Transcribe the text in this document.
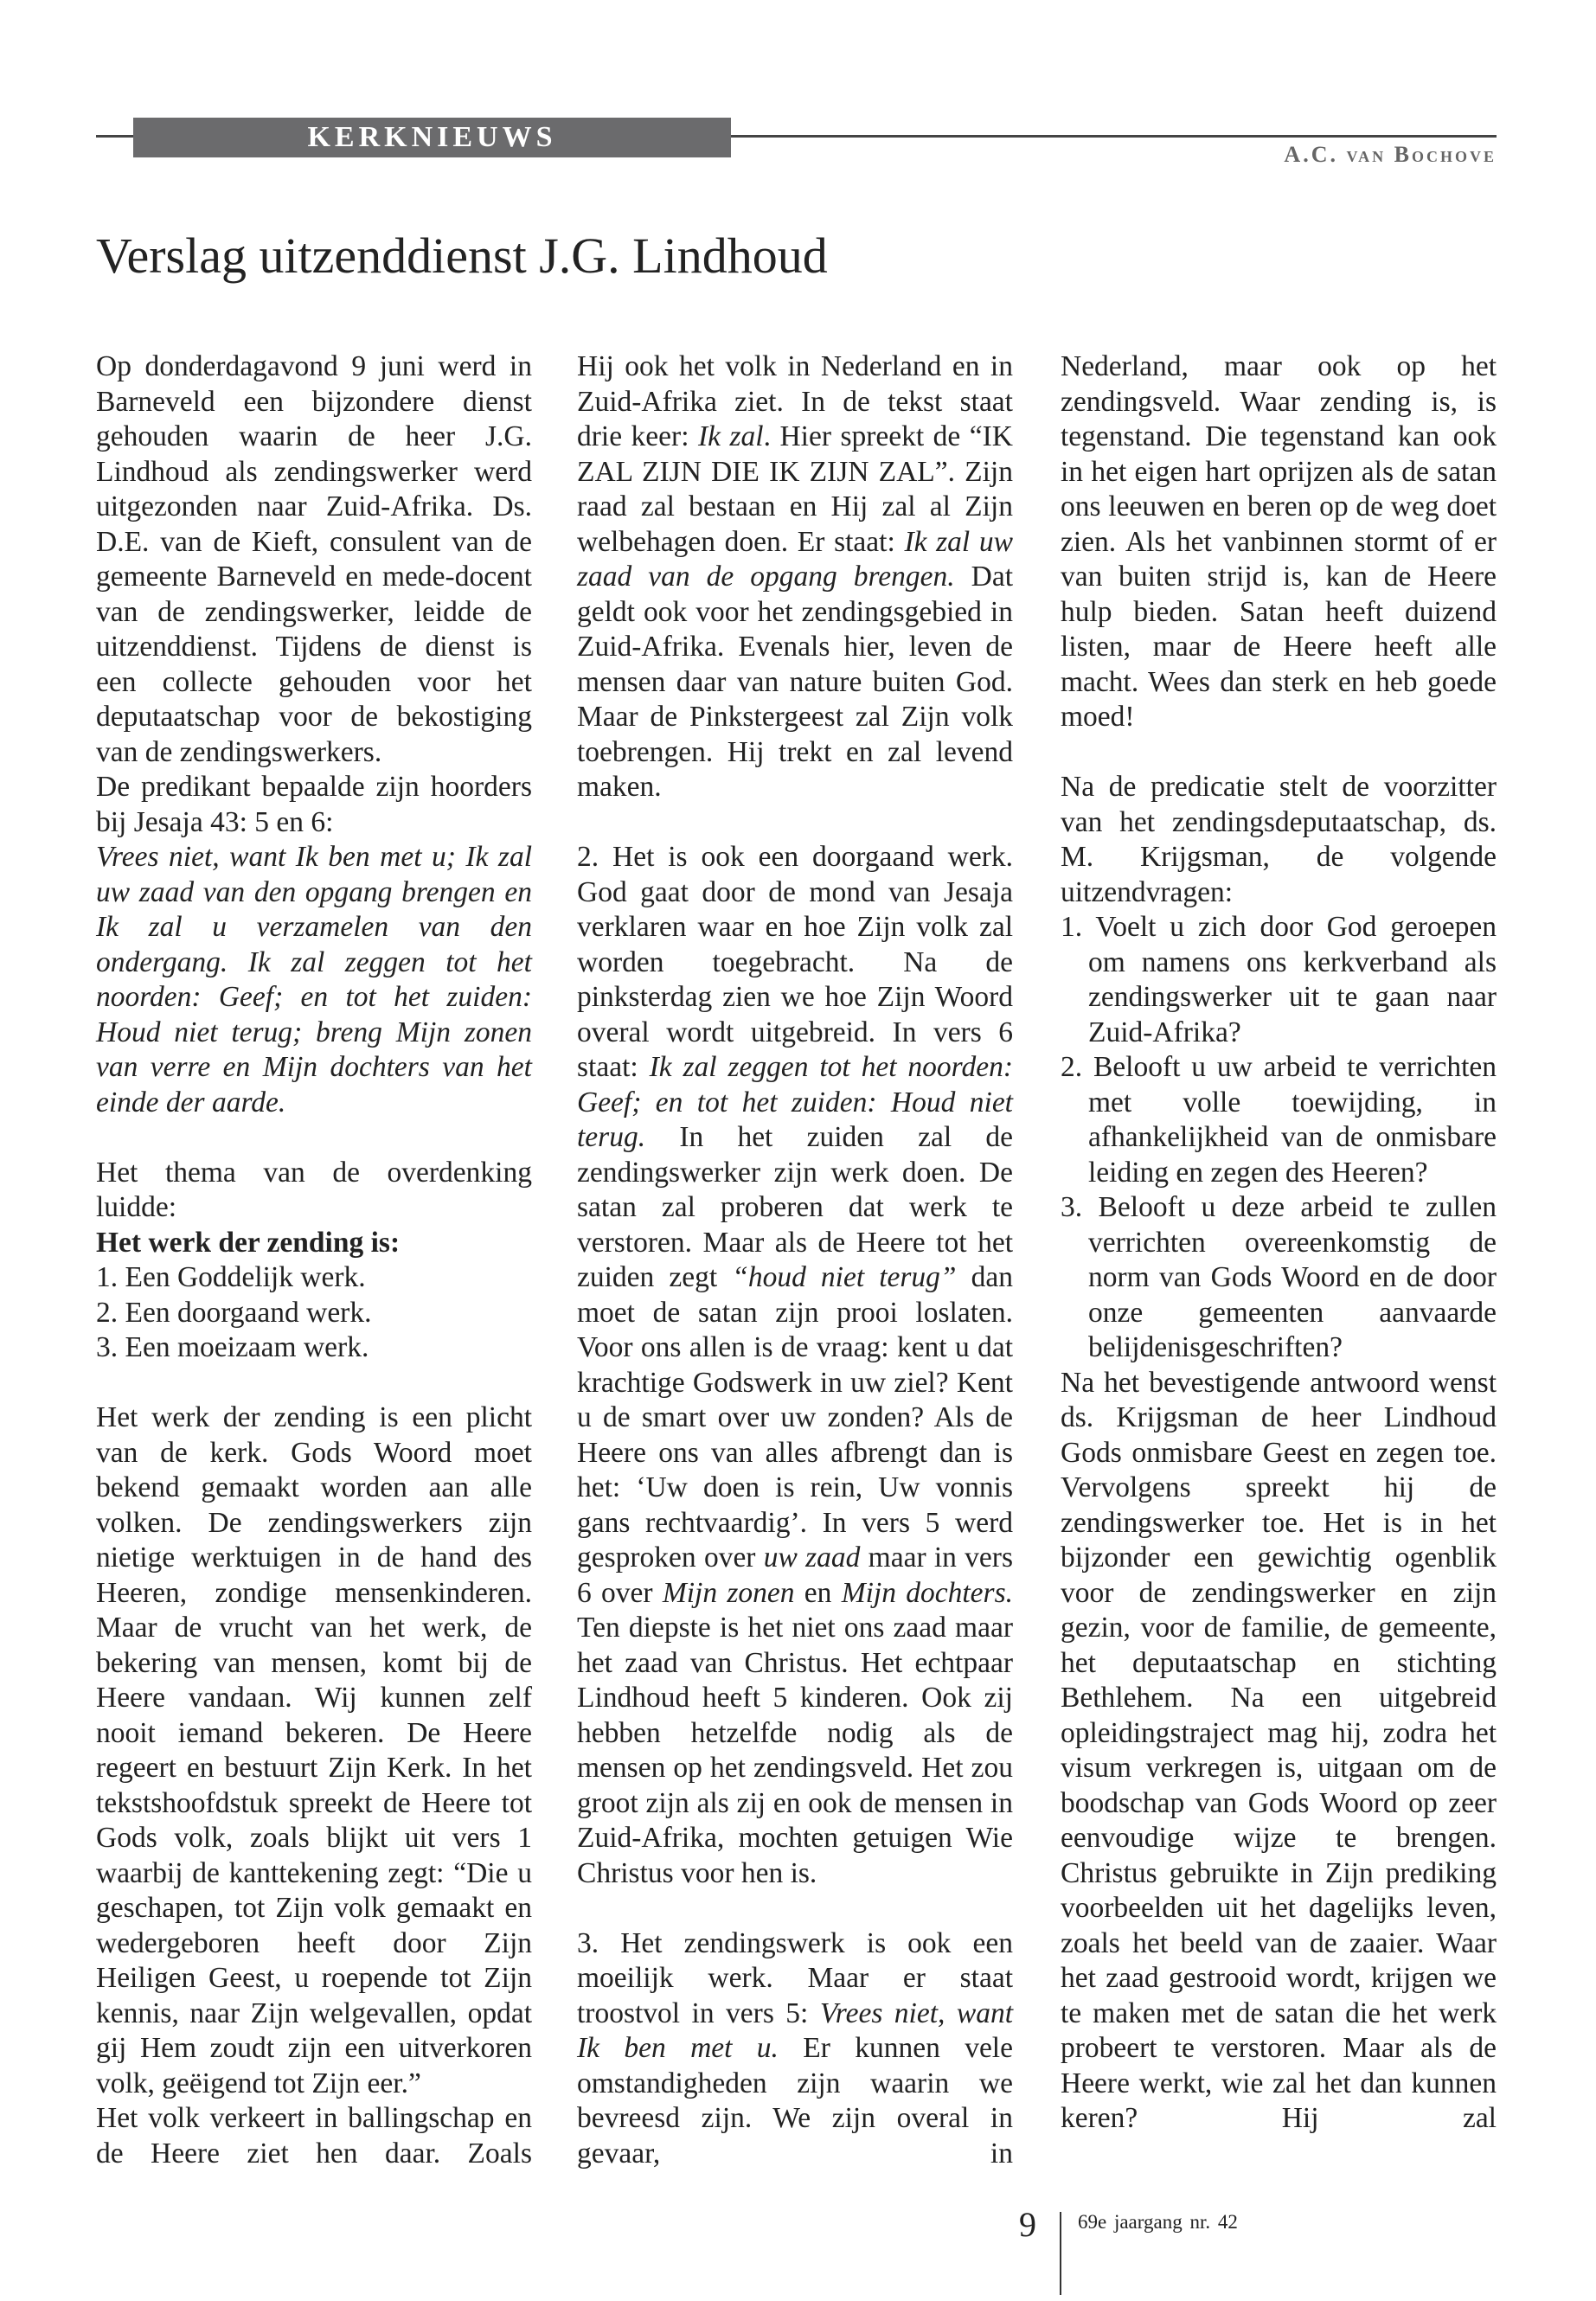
KERKNIEUWS
A.C. van Bochove
Verslag uitzenddienst J.G. Lindhoud

Op donderdagavond 9 juni werd in Barneveld een bijzondere dienst gehouden waarin de heer J.G. Lindhoud als zendingswerker werd uitgezonden naar Zuid-Afrika. Ds. D.E. van de Kieft, consulent van de gemeente Barneveld en mede-docent van de zendingswerker, leidde de uitzenddienst. Tijdens de dienst is een collecte gehouden voor het deputaatschap voor de bekostiging van de zendingswerkers.

De predikant bepaalde zijn hoorders bij Jesaja 43: 5 en 6:

Vrees niet, want Ik ben met u; Ik zal uw zaad van den opgang brengen en Ik zal u verzamelen van den ondergang. Ik zal zeggen tot het noorden: Geef; en tot het zuiden: Houd niet terug; breng Mijn zonen van verre en Mijn dochters van het einde der aarde.

Het thema van de overdenking luidde:

Het werk der zending is:

1. Een Goddelijk werk.

2. Een doorgaand werk.

3. Een moeizaam werk.

Het werk der zending is een plicht van de kerk. Gods Woord moet bekend gemaakt worden aan alle volken. De zendingswerkers zijn nietige werktuigen in de hand des Heeren, zondige mensenkinderen. Maar de vrucht van het werk, de bekering van mensen, komt bij de Heere vandaan. Wij kunnen zelf nooit iemand bekeren. De Heere regeert en bestuurt Zijn Kerk. In het tekstshoofdstuk spreekt de Heere tot Gods volk, zoals blijkt uit vers 1 waarbij de kanttekening zegt: “Die u geschapen, tot Zijn volk gemaakt en wedergeboren heeft door Zijn Heiligen Geest, u roepende tot Zijn kennis, naar Zijn welgevallen, opdat gij Hem zoudt zijn een uitverkoren volk, geëigend tot Zijn eer.”

Het volk verkeert in ballingschap en de Heere ziet hen daar. Zoals

Hij ook het volk in Nederland en in Zuid-Afrika ziet. In de tekst staat drie keer: Ik zal. Hier spreekt de “IK ZAL ZIJN DIE IK ZIJN ZAL”. Zijn raad zal bestaan en Hij zal al Zijn welbehagen doen. Er staat: Ik zal uw zaad van de opgang brengen. Dat geldt ook voor het zendingsgebied in Zuid-Afrika. Evenals hier, leven de mensen daar van nature buiten God. Maar de Pinkstergeest zal Zijn volk toebrengen. Hij trekt en zal levend maken.

2. Het is ook een doorgaand werk. God gaat door de mond van Jesaja verklaren waar en hoe Zijn volk zal worden toegebracht. Na de pinksterdag zien we hoe Zijn Woord overal wordt uitgebreid. In vers 6 staat: Ik zal zeggen tot het noorden: Geef; en tot het zuiden: Houd niet terug. In het zuiden zal de zendingswerker zijn werk doen. De satan zal proberen dat werk te verstoren. Maar als de Heere tot het zuiden zegt “houd niet terug” dan moet de satan zijn prooi loslaten. Voor ons allen is de vraag: kent u dat krachtige Godswerk in uw ziel? Kent u de smart over uw zonden? Als de Heere ons van alles afbrengt dan is het: ‘Uw doen is rein, Uw vonnis gans rechtvaardig’. In vers 5 werd gesproken over uw zaad maar in vers 6 over Mijn zonen en Mijn dochters. Ten diepste is het niet ons zaad maar het zaad van Christus. Het echtpaar Lindhoud heeft 5 kinderen. Ook zij hebben hetzelfde nodig als de mensen op het zendingsveld. Het zou groot zijn als zij en ook de mensen in Zuid-Afrika, mochten getuigen Wie Christus voor hen is.

3. Het zendingswerk is ook een moeilijk werk. Maar er staat troostvol in vers 5: Vrees niet, want Ik ben met u. Er kunnen vele omstandigheden zijn waarin we bevreesd zijn. We zijn overal in gevaar, in

Nederland, maar ook op het zendingsveld. Waar zending is, is tegenstand. Die tegenstand kan ook in het eigen hart oprijzen als de satan ons leeuwen en beren op de weg doet zien. Als het vanbinnen stormt of er van buiten strijd is, kan de Heere hulp bieden. Satan heeft duizend listen, maar de Heere heeft alle macht. Wees dan sterk en heb goede moed!

Na de predicatie stelt de voorzitter van het zendingsdeputaatschap, ds. M. Krijgsman, de volgende uitzendvragen:

1. Voelt u zich door God geroepen om namens ons kerkverband als zendingswerker uit te gaan naar Zuid-Afrika?

2. Belooft u uw arbeid te verrichten met volle toewijding, in afhankelijkheid van de onmisbare leiding en zegen des Heeren?

3. Belooft u deze arbeid te zullen verrichten overeenkomstig de norm van Gods Woord en de door onze gemeenten aanvaarde belijdenisgeschriften?

Na het bevestigende antwoord wenst ds. Krijgsman de heer Lindhoud Gods onmisbare Geest en zegen toe. Vervolgens spreekt hij de zendingswerker toe. Het is in het bijzonder een gewichtig ogenblik voor de zendingswerker en zijn gezin, voor de familie, de gemeente, het deputaatschap en stichting Bethlehem. Na een uitgebreid opleidingstraject mag hij, zodra het visum verkregen is, uitgaan om de boodschap van Gods Woord op zeer eenvoudige wijze te brengen. Christus gebruikte in Zijn prediking voorbeelden uit het dagelijks leven, zoals het beeld van de zaaier. Waar het zaad gestrooid wordt, krijgen we te maken met de satan die het werk probeert te verstoren. Maar als de Heere werkt, wie zal het dan kunnen keren? Hij zal

9 69e jaargang nr. 42
